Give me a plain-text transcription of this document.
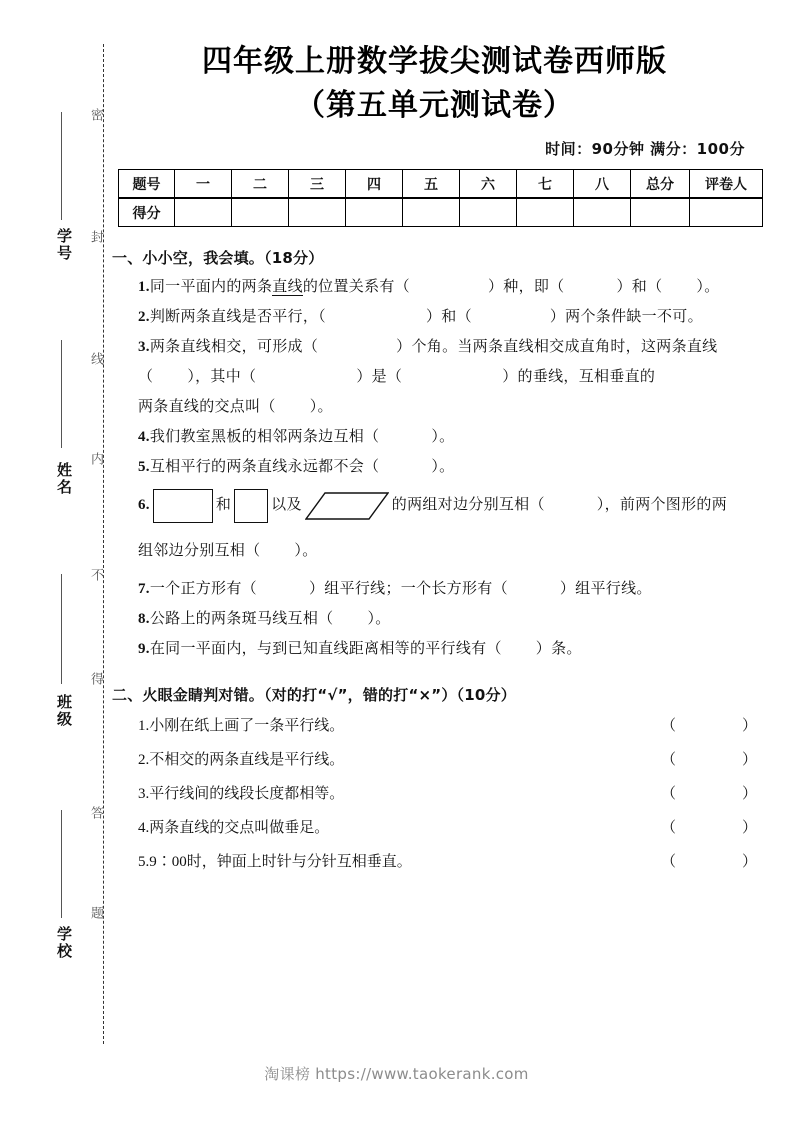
密
封
线
内
不
得
答
题
学号
姓名
班级
学校
四年级上册数学拔尖测试卷西师版
（第五单元测试卷）
时间：90分钟 满分：100分
题号	一	二	三	四	五	六	七	八	总分	评卷人
得分										
一、小小空，我会填。（18分）
1.同一平面内的两条直线的位置关系有（	）种，即（	）和（ ）。
2.判断两条直线是否平行，（	）和（	）两个条件缺一不可。
3.两条直线相交，可形成（	）个角。当两条直线相交成直角时，这两条直线
（ ），其中（	）是（	）的垂线，互相垂直的
两条直线的交点叫（ ）。
4.我们教室黑板的相邻两条边互相（	）。
5.互相平行的两条直线永远都不会（	）。
6.	和	以及	的两组对边分别互相（	），前两个图形的两
组邻边分别互相（ ）。
7.一个正方形有（	）组平行线；一个长方形有（	）组平行线。
8.公路上的两条斑马线互相（ ）。
9.在同一平面内，与到已知直线距离相等的平行线有（ ）条。
二、火眼金睛判对错。（对的打“√”，错的打“×”）（10分）
1.小刚在纸上画了一条平行线。	（	）
2.不相交的两条直线是平行线。	（	）
3.平行线间的线段长度都相等。	（	）
4.两条直线的交点叫做垂足。	（	）
5.9∶00时，钟面上时针与分针互相垂直。	（	）
淘课榜 https://www.taokerank.com
